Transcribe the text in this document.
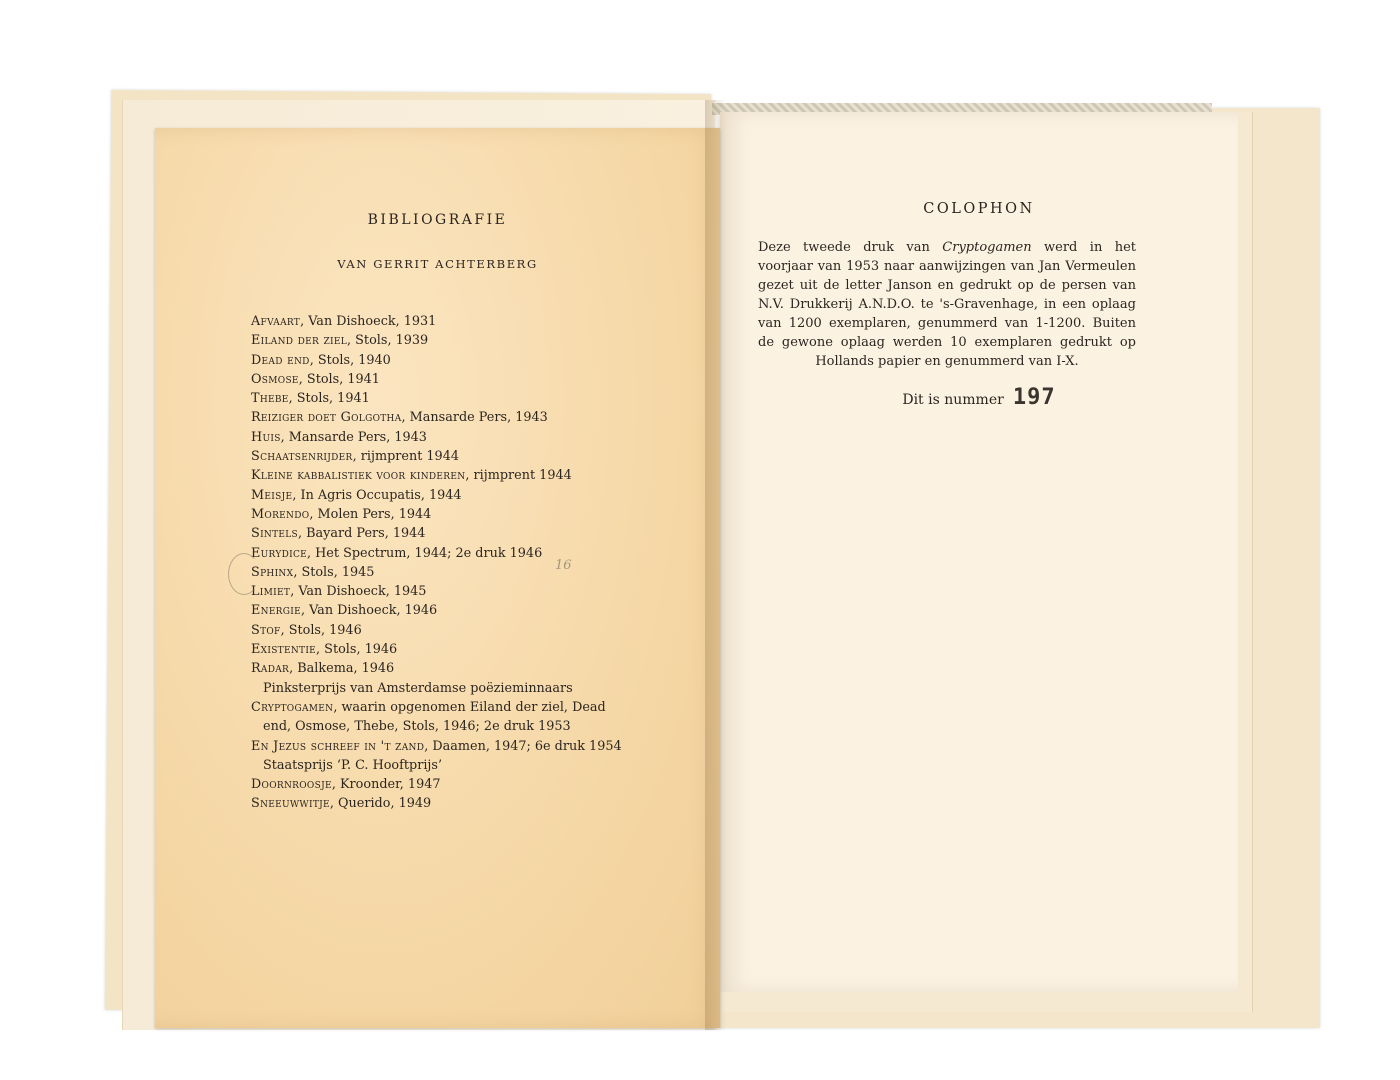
BIBLIOGRAFIE
VAN GERRIT ACHTERBERG
Afvaart, Van Dishoeck, 1931
Eiland der ziel, Stols, 1939
Dead end, Stols, 1940
Osmose, Stols, 1941
Thebe, Stols, 1941
Reiziger doet Golgotha, Mansarde Pers, 1943
Huis, Mansarde Pers, 1943
Schaatsenrijder, rijmprent 1944
Kleine kabbalistiek voor kinderen, rijmprent 1944
Meisje, In Agris Occupatis, 1944
Morendo, Molen Pers, 1944
Sintels, Bayard Pers, 1944
Eurydice, Het Spectrum, 1944; 2e druk 1946
Sphinx, Stols, 1945
Limiet, Van Dishoeck, 1945
Energie, Van Dishoeck, 1946
Stof, Stols, 1946
Existentie, Stols, 1946
Radar, Balkema, 1946
Pinksterprijs van Amsterdamse poëzieminnaars
Cryptogamen, waarin opgenomen Eiland der ziel, Dead
end, Osmose, Thebe, Stols, 1946; 2e druk 1953
En Jezus schreef in 't zand, Daamen, 1947; 6e druk 1954
Staatsprijs ‘P. C. Hooftprijs’
Doornroosje, Kroonder, 1947
Sneeuwwitje, Querido, 1949
16
COLOPHON
Deze tweede druk van Cryptogamen werd in het voorjaar van 1953 naar aanwijzingen van Jan Vermeulen gezet uit de letter Janson en gedrukt op de persen van N.V. Drukkerij A.N.D.O. te 's-Gravenhage, in een oplaag van 1200 exemplaren, genummerd van 1-1200. Buiten de gewone oplaag werden 10 exemplaren gedrukt op Hollands papier en genummerd van I-X.
Dit is nummer 197
